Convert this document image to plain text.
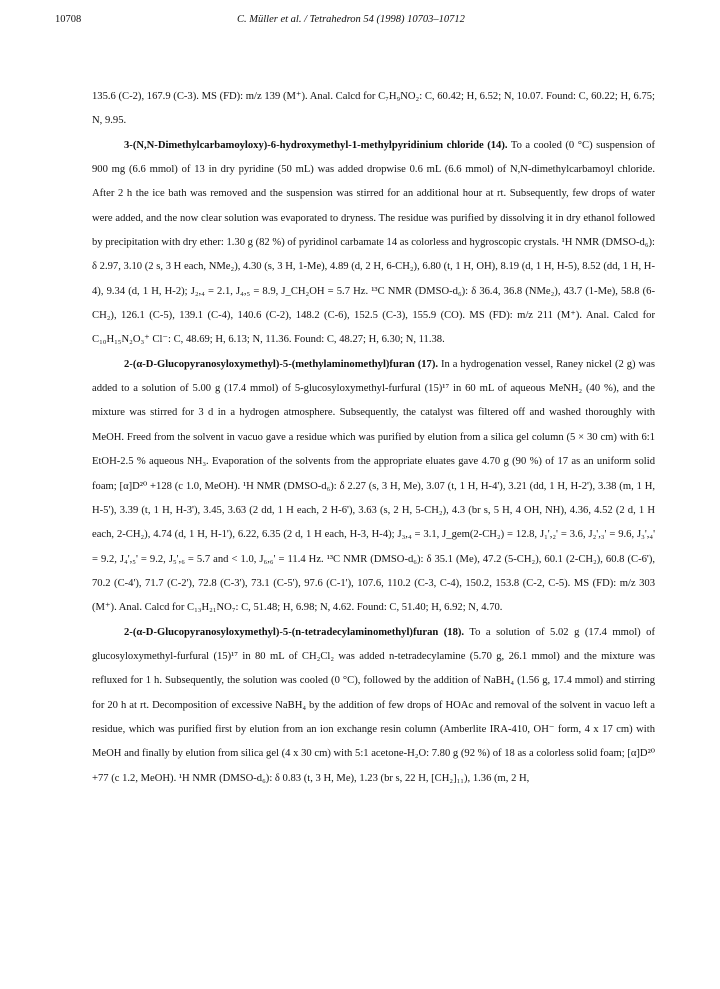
10708	C. Müller et al. / Tetrahedron 54 (1998) 10703–10712

135.6 (C-2), 167.9 (C-3). MS (FD): m/z 139 (M⁺). Anal. Calcd for C₇H₉NO₂: C, 60.42; H, 6.52; N, 10.07. Found: C, 60.22; H, 6.75; N, 9.95.

3-(N,N-Dimethylcarbamoyloxy)-6-hydroxymethyl-1-methylpyridinium chloride (14). To a cooled (0 °C) suspension of 900 mg (6.6 mmol) of 13 in dry pyridine (50 mL) was added dropwise 0.6 mL (6.6 mmol) of N,N-dimethylcarbamoyl chloride. After 2 h the ice bath was removed and the suspension was stirred for an additional hour at rt. Subsequently, few drops of water were added, and the now clear solution was evaporated to dryness. The residue was purified by dissolving it in dry ethanol followed by precipitation with dry ether: 1.30 g (82 %) of pyridinol carbamate 14 as colorless and hygroscopic crystals. ¹H NMR (DMSO-d₆): δ 2.97, 3.10 (2 s, 3 H each, NMe₂), 4.30 (s, 3 H, 1-Me), 4.89 (d, 2 H, 6-CH₂), 6.80 (t, 1 H, OH), 8.19 (d, 1 H, H-5), 8.52 (dd, 1 H, H-4), 9.34 (d, 1 H, H-2); J₂,₄ = 2.1, J₄,₅ = 8.9, J_CH₂OH = 5.7 Hz. ¹³C NMR (DMSO-d₆): δ 36.4, 36.8 (NMe₂), 43.7 (1-Me), 58.8 (6-CH₂), 126.1 (C-5), 139.1 (C-4), 140.6 (C-2), 148.2 (C-6), 152.5 (C-3), 155.9 (CO). MS (FD): m/z 211 (M⁺). Anal. Calcd for C₁₀H₁₅N₂O₃⁺ Cl⁻: C, 48.69; H, 6.13; N, 11.36. Found: C, 48.27; H, 6.30; N, 11.38.

2-(α-D-Glucopyranosyloxymethyl)-5-(methylaminomethyl)furan (17). In a hydrogenation vessel, Raney nickel (2 g) was added to a solution of 5.00 g (17.4 mmol) of 5-glucosyloxymethyl-furfural (15)¹⁷ in 60 mL of aqueous MeNH₂ (40 %), and the mixture was stirred for 3 d in a hydrogen atmosphere. Subsequently, the catalyst was filtered off and washed thoroughly with MeOH. Freed from the solvent in vacuo gave a residue which was purified by elution from a silica gel column (5 × 30 cm) with 6:1 EtOH-2.5 % aqueous NH₃. Evaporation of the solvents from the appropriate eluates gave 4.70 g (90 %) of 17 as an uniform solid foam; [α]D²⁰ +128 (c 1.0, MeOH). ¹H NMR (DMSO-d₆): δ 2.27 (s, 3 H, Me), 3.07 (t, 1 H, H-4'), 3.21 (dd, 1 H, H-2'), 3.38 (m, 1 H, H-5'), 3.39 (t, 1 H, H-3'), 3.45, 3.63 (2 dd, 1 H each, 2 H-6'), 3.63 (s, 2 H, 5-CH₂), 4.3 (br s, 5 H, 4 OH, NH), 4.36, 4.52 (2 d, 1 H each, 2-CH₂), 4.74 (d, 1 H, H-1'), 6.22, 6.35 (2 d, 1 H each, H-3, H-4); J₃,₄ = 3.1, J_gem(2-CH₂) = 12.8, J₁',₂' = 3.6, J₂',₃' = 9.6, J₃',₄' = 9.2, J₄',₅' = 9.2, J₅',₆ = 5.7 and < 1.0, J₆,₆' = 11.4 Hz. ¹³C NMR (DMSO-d₆): δ 35.1 (Me), 47.2 (5-CH₂), 60.1 (2-CH₂), 60.8 (C-6'), 70.2 (C-4'), 71.7 (C-2'), 72.8 (C-3'), 73.1 (C-5'), 97.6 (C-1'), 107.6, 110.2 (C-3, C-4), 150.2, 153.8 (C-2, C-5). MS (FD): m/z 303 (M⁺). Anal. Calcd for C₁₃H₂₁NO₇: C, 51.48; H, 6.98; N, 4.62. Found: C, 51.40; H, 6.92; N, 4.70.

2-(α-D-Glucopyranosyloxymethyl)-5-(n-tetradecylaminomethyl)furan (18). To a solution of 5.02 g (17.4 mmol) of glucosyloxymethyl-furfural (15)¹⁷ in 80 mL of CH₂Cl₂ was added n-tetradecylamine (5.70 g, 26.1 mmol) and the mixture was refluxed for 1 h. Subsequently, the solution was cooled (0 °C), followed by the addition of NaBH₄ (1.56 g, 17.4 mmol) and stirring for 20 h at rt. Decomposition of excessive NaBH₄ by the addition of few drops of HOAc and removal of the solvent in vacuo left a residue, which was purified first by elution from an ion exchange resin column (Amberlite IRA-410, OH⁻ form, 4 x 17 cm) with MeOH and finally by elution from silica gel (4 x 30 cm) with 5:1 acetone-H₂O: 7.80 g (92 %) of 18 as a colorless solid foam; [α]D²⁰ +77 (c 1.2, MeOH). ¹H NMR (DMSO-d₆): δ 0.83 (t, 3 H, Me), 1.23 (br s, 22 H, [CH₂]₁₁), 1.36 (m, 2 H,
